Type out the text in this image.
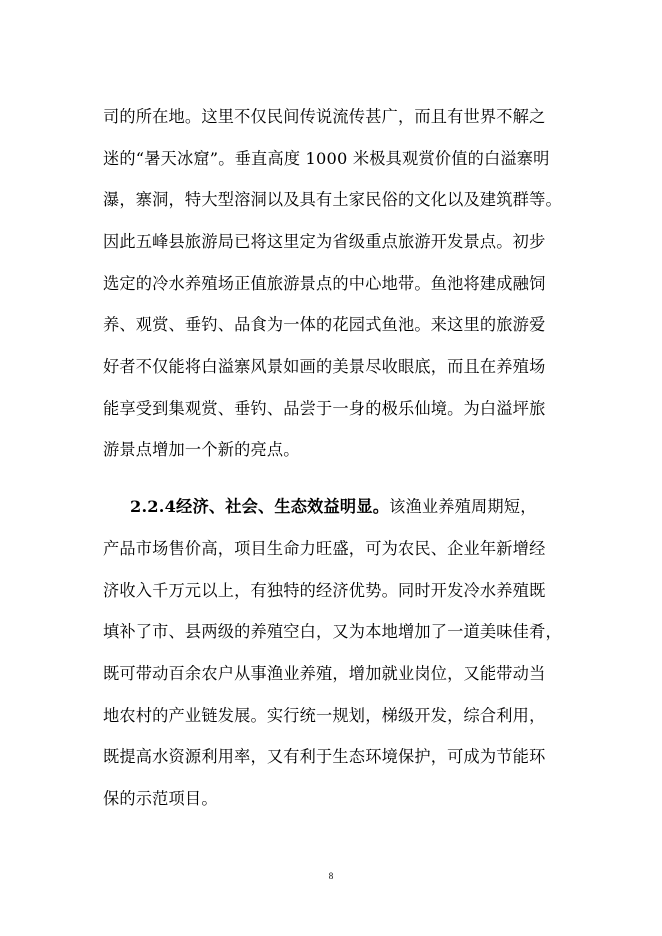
司的所在地。这里不仅民间传说流传甚广，而且有世界不解之
迷的“暑天冰窟”。垂直高度 1000 米极具观赏价值的白溢寨明
瀑，寨洞，特大型溶洞以及具有土家民俗的文化以及建筑群等。
因此五峰县旅游局已将这里定为省级重点旅游开发景点。初步
选定的冷水养殖场正值旅游景点的中心地带。鱼池将建成融饲
养、观赏、垂钓、品食为一体的花园式鱼池。来这里的旅游爱
好者不仅能将白溢寨风景如画的美景尽收眼底，而且在养殖场
能享受到集观赏、垂钓、品尝于一身的极乐仙境。为白溢坪旅
游景点增加一个新的亮点。
2.2.4经济、社会、生态效益明显。该渔业养殖周期短，
产品市场售价高，项目生命力旺盛，可为农民、企业年新增经
济收入千万元以上，有独特的经济优势。同时开发冷水养殖既
填补了市、县两级的养殖空白，又为本地增加了一道美味佳肴，
既可带动百余农户从事渔业养殖，增加就业岗位，又能带动当
地农村的产业链发展。实行统一规划，梯级开发，综合利用，
既提高水资源利用率，又有利于生态环境保护，可成为节能环
保的示范项目。
8
